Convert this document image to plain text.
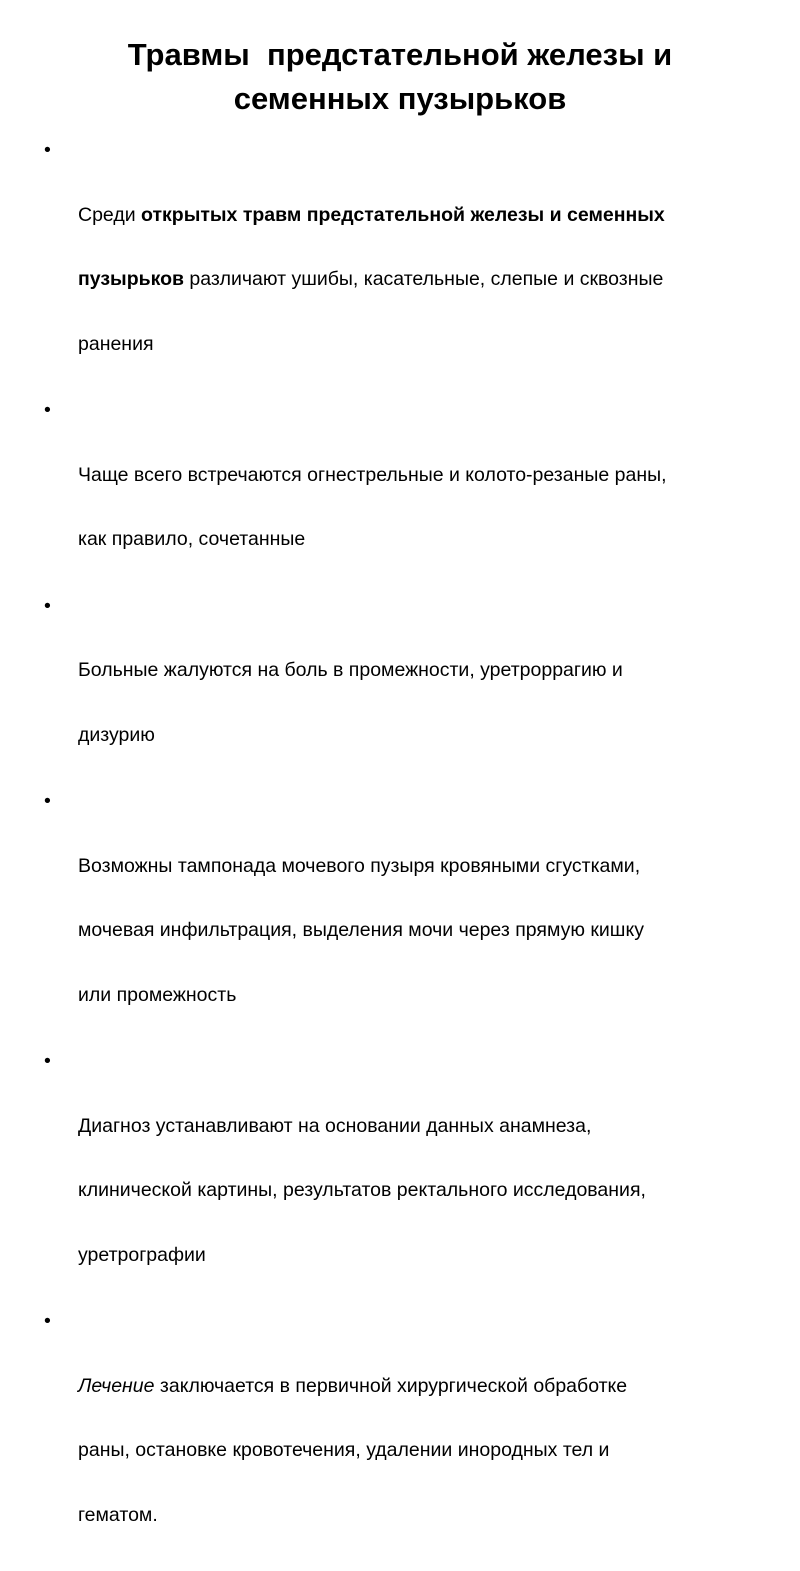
Травмы  предстательной железы и
семенных пузырьков

•

Среди открытых травм предстательной железы и семенных

пузырьков различают ушибы, касательные, слепые и сквозные

ранения

•

Чаще всего встречаются огнестрельные и колото-резаные раны,

как правило, сочетанные

•

Больные жалуются на боль в промежности, уретроррагию и

дизурию

•

Возможны тампонада мочевого пузыря кровяными сгустками,

мочевая инфильтрация, выделения мочи через прямую кишку

или промежность

•

Диагноз устанавливают на основании данных анамнеза,

клинической картины, результатов ректального исследования,

уретрографии

•

Лечение заключается в первичной хирургической обработке

раны, остановке кровотечения, удалении инородных тел и

гематом.
